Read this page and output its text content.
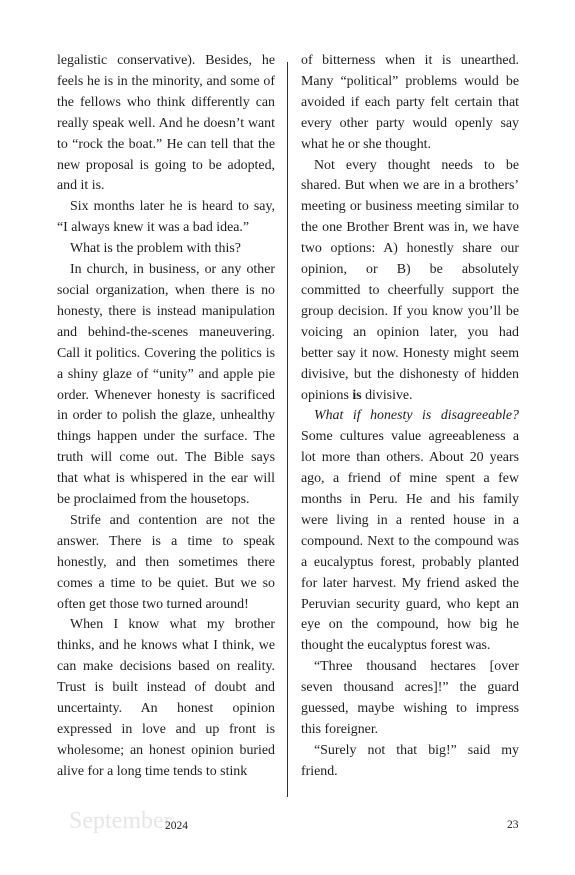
legalistic conservative). Besides, he feels he is in the minority, and some of the fellows who think differently can really speak well. And he doesn’t want to “rock the boat.” He can tell that the new proposal is going to be adopted, and it is.

Six months later he is heard to say, “I always knew it was a bad idea.”

What is the problem with this?

In church, in business, or any other social organization, when there is no honesty, there is instead manipulation and behind-the-scenes maneuvering. Call it politics. Covering the politics is a shiny glaze of “unity” and apple pie order. Whenever honesty is sacrificed in order to polish the glaze, unhealthy things happen under the surface. The truth will come out. The Bible says that what is whispered in the ear will be proclaimed from the housetops.

Strife and contention are not the answer. There is a time to speak honestly, and then sometimes there comes a time to be quiet. But we so often get those two turned around!

When I know what my brother thinks, and he knows what I think, we can make decisions based on reality. Trust is built instead of doubt and uncertainty. An honest opinion expressed in love and up front is wholesome; an honest opinion buried alive for a long time tends to stink

of bitterness when it is unearthed. Many “political” problems would be avoided if each party felt certain that every other party would openly say what he or she thought.

Not every thought needs to be shared. But when we are in a brothers’ meeting or business meeting similar to the one Brother Brent was in, we have two options: A) honestly share our opinion, or B) be absolutely committed to cheerfully support the group decision. If you know you’ll be voicing an opinion later, you had better say it now. Honesty might seem divisive, but the dishonesty of hidden opinions is divisive.

What if honesty is disagreeable? Some cultures value agreeableness a lot more than others. About 20 years ago, a friend of mine spent a few months in Peru. He and his family were living in a rented house in a compound. Next to the compound was a eucalyptus forest, probably planted for later harvest. My friend asked the Peruvian security guard, who kept an eye on the compound, how big he thought the eucalyptus forest was.

“Three thousand hectares [over seven thousand acres]!” the guard guessed, maybe wishing to impress this foreigner.

“Surely not that big!” said my friend.

September
2024	23
